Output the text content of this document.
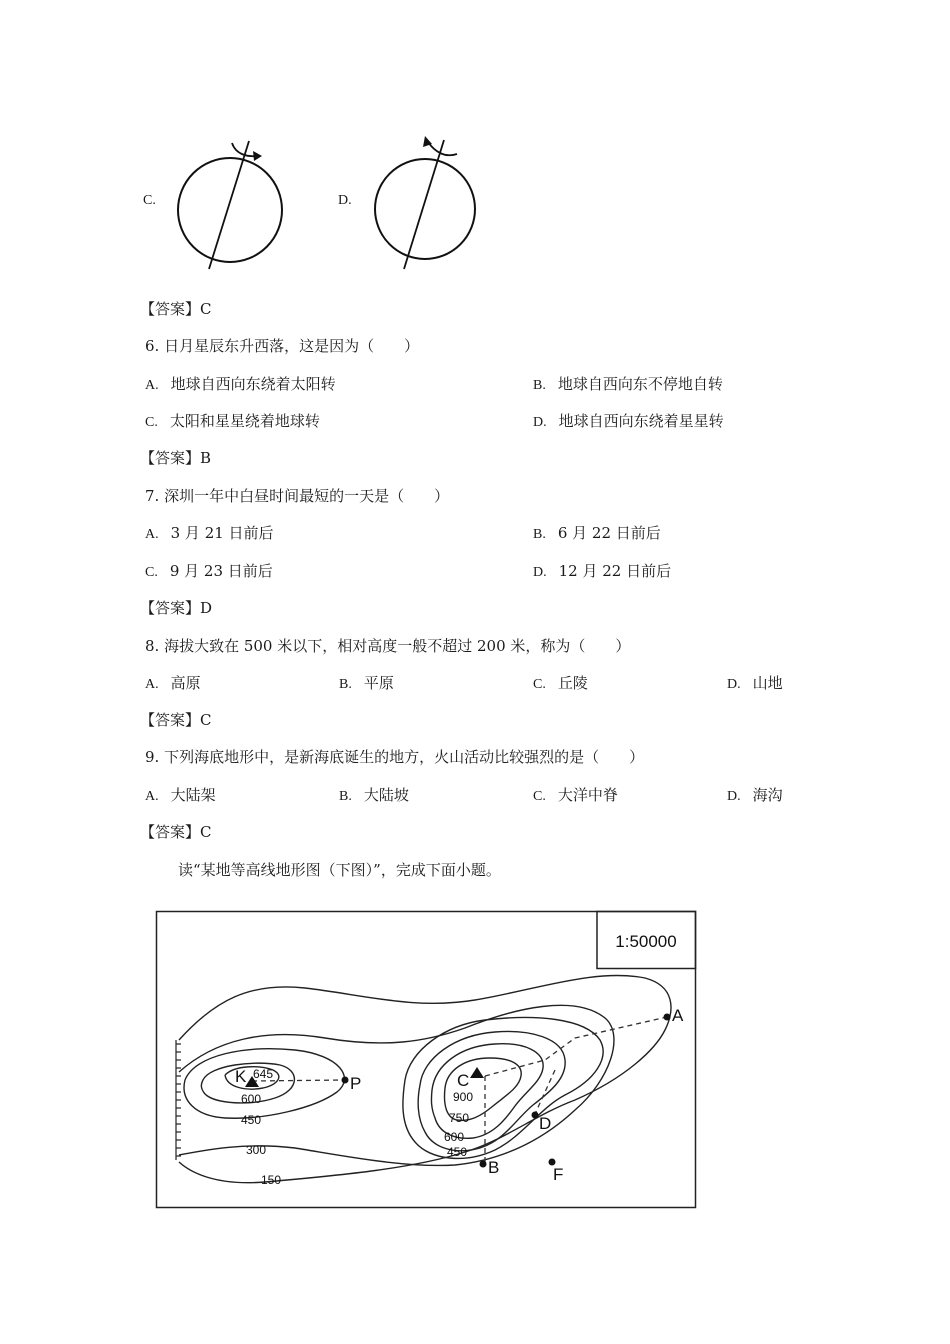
C.	D.
【答案】C
6. 日月星辰东升西落，这是因为（　　）
A. 地球自西向东绕着太阳转	B. 地球自西向东不停地自转
C. 太阳和星星绕着地球转	D. 地球自西向东绕着星星转
【答案】B
7. 深圳一年中白昼时间最短的一天是（　　）
A. 3 月 21 日前后	B. 6 月 22 日前后
C. 9 月 23 日前后	D. 12 月 22 日前后
【答案】D
8. 海拔大致在 500 米以下，相对高度一般不超过 200 米，称为（　　）
A. 高原	B. 平原	C. 丘陵	D. 山地
【答案】C
9. 下列海底地形中，是新海底诞生的地方，火山活动比较强烈的是（　　）
A. 大陆架	B. 大陆坡	C. 大洋中脊	D. 海沟
【答案】C
读“某地等高线地形图（下图）”，完成下面小题。
1:50000
K	P	C
A
D
B	F
645
600
450
300
150
900
750
600
450
